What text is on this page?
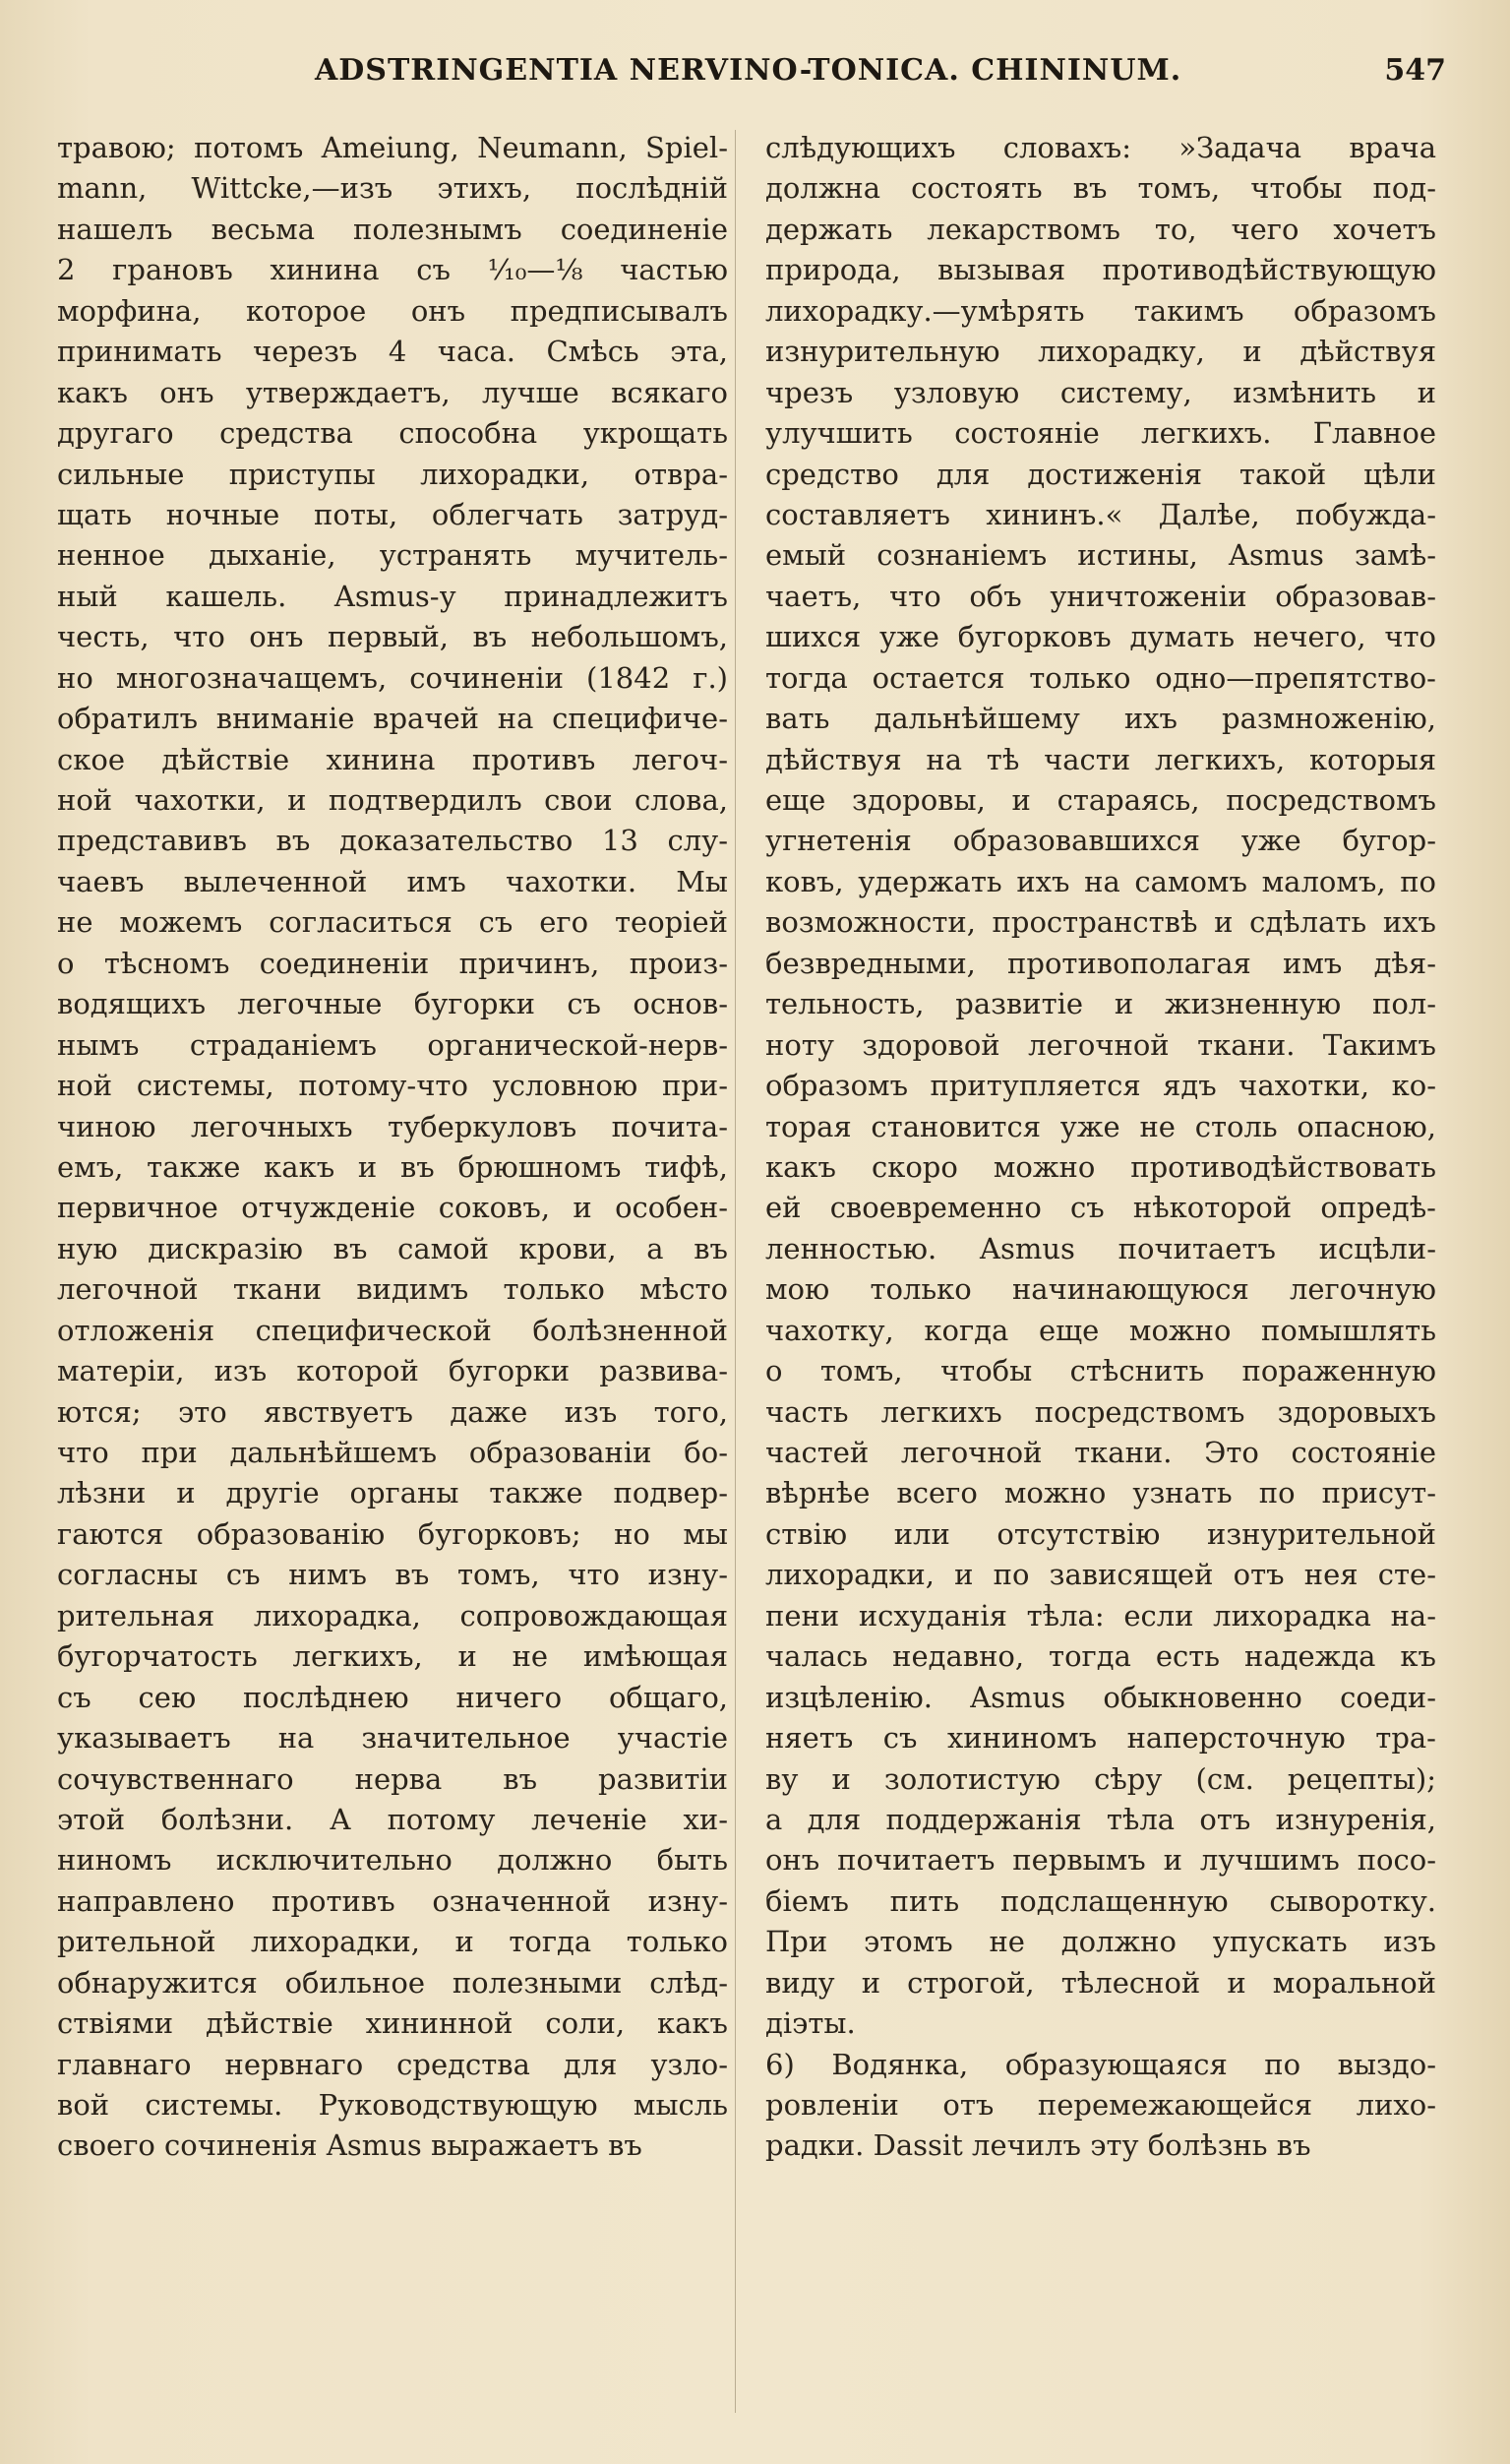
ADSTRINGENTIA NERVINO-TONICA. CHININUM.	547
травою; потомъ Ameiung, Neumann, Spiel-
mann, Wittcke,—изъ этихъ, послѣдній
нашелъ весьма полезнымъ соединеніе
2 грановъ хинина съ ¹⁄₁₀—⅛ частью
морфина, которое онъ предписывалъ
принимать черезъ 4 часа. Смѣсь эта,
какъ онъ утверждаетъ, лучше всякаго
другаго средства способна укрощать
сильные приступы лихорадки, отвра-
щать ночные поты, облегчать затруд-
ненное дыханіе, устранять мучитель-
ный кашель. Asmus-у принадлежитъ
честь, что онъ первый, въ небольшомъ,
но многозначащемъ, сочиненіи (1842 г.)
обратилъ вниманіе врачей на специфиче-
ское дѣйствіе хинина противъ легоч-
ной чахотки, и подтвердилъ свои слова,
представивъ въ доказательство 13 слу-
чаевъ вылеченной имъ чахотки. Мы
не можемъ согласиться съ его теоріей
о тѣсномъ соединеніи причинъ, произ-
водящихъ легочные бугорки съ основ-
нымъ страданіемъ органической-нерв-
ной системы, потому-что условною при-
чиною легочныхъ туберкуловъ почита-
емъ, также какъ и въ брюшномъ тифѣ,
первичное отчужденіе соковъ, и особен-
ную дискразію въ самой крови, а въ
легочной ткани видимъ только мѣсто
отложенія специфической болѣзненной
матеріи, изъ которой бугорки развива-
ются; это явствуетъ даже изъ того,
что при дальнѣйшемъ образованіи бо-
лѣзни и другіе органы также подвер-
гаются образованію бугорковъ; но мы
согласны съ нимъ въ томъ, что изну-
рительная лихорадка, сопровождающая
бугорчатость легкихъ, и не имѣющая
съ сею послѣднею ничего общаго,
указываетъ на значительное участіе
сочувственнаго нерва въ развитіи
этой болѣзни. А потому леченіе хи-
ниномъ исключительно должно быть
направлено противъ означенной изну-
рительной лихорадки, и тогда только
обнаружится обильное полезными слѣд-
ствіями дѣйствіе хининной соли, какъ
главнаго нервнаго средства для узло-
вой системы. Руководствующую мысль
своего сочиненія Asmus выражаетъ въ
слѣдующихъ словахъ: »Задача врача
должна состоять въ томъ, чтобы под-
держать лекарствомъ то, чего хочетъ
природа, вызывая противодѣйствующую
лихорадку.—умѣрять такимъ образомъ
изнурительную лихорадку, и дѣйствуя
чрезъ узловую систему, измѣнить и
улучшить состояніе легкихъ. Главное
средство для достиженія такой цѣли
составляетъ хининъ.« Далѣе, побужда-
емый сознаніемъ истины, Asmus замѣ-
чаетъ, что объ уничтоженіи образовав-
шихся уже бугорковъ думать нечего, что
тогда остается только одно—препятство-
вать дальнѣйшему ихъ размноженію,
дѣйствуя на тѣ части легкихъ, которыя
еще здоровы, и стараясь, посредствомъ
угнетенія образовавшихся уже бугор-
ковъ, удержать ихъ на самомъ маломъ, по
возможности, пространствѣ и сдѣлать ихъ
безвредными, противополагая имъ дѣя-
тельность, развитіе и жизненную пол-
ноту здоровой легочной ткани. Такимъ
образомъ притупляется ядъ чахотки, ко-
торая становится уже не столь опасною,
какъ скоро можно противодѣйствовать
ей своевременно съ нѣкоторой опредѣ-
ленностью. Asmus почитаетъ исцѣли-
мою только начинающуюся легочную
чахотку, когда еще можно помышлять
о томъ, чтобы стѣснить пораженную
часть легкихъ посредствомъ здоровыхъ
частей легочной ткани. Это состояніе
вѣрнѣе всего можно узнать по присут-
ствію или отсутствію изнурительной
лихорадки, и по зависящей отъ нея сте-
пени исхуданія тѣла: если лихорадка на-
чалась недавно, тогда есть надежда къ
изцѣленію. Asmus обыкновенно соеди-
няетъ съ хининомъ наперсточную тра-
ву и золотистую сѣру (см. рецепты);
а для поддержанія тѣла отъ изнуренія,
онъ почитаетъ первымъ и лучшимъ посо-
біемъ пить подслащенную сыворотку.
При этомъ не должно упускать изъ
виду и строгой, тѣлесной и моральной
діэты.
6) Водянка, образующаяся по выздо-
ровленіи отъ перемежающейся лихо-
радки. Dassit лечилъ эту болѣзнь въ
